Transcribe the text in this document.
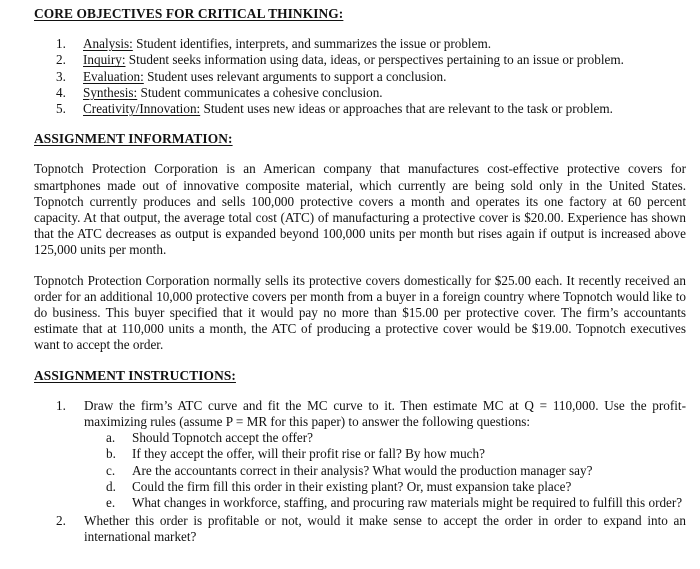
CORE OBJECTIVES FOR CRITICAL THINKING:
1.	Analysis: Student identifies, interprets, and summarizes the issue or problem.
2.	Inquiry: Student seeks information using data, ideas, or perspectives pertaining to an issue or problem.
3.	Evaluation: Student uses relevant arguments to support a conclusion.
4.	Synthesis: Student communicates a cohesive conclusion.
5.	Creativity/Innovation: Student uses new ideas or approaches that are relevant to the task or problem.
ASSIGNMENT INFORMATION:

Topnotch Protection Corporation is an American company that manufactures cost-effective protective covers for smartphones made out of innovative composite material, which currently are being sold only in the United States. Topnotch currently produces and sells 100,000 protective covers a month and operates its one factory at 60 percent capacity. At that output, the average total cost (ATC) of manufacturing a protective cover is $20.00. Experience has shown that the ATC decreases as output is expanded beyond 100,000 units per month but rises again if output is increased above 125,000 units per month.

Topnotch Protection Corporation normally sells its protective covers domestically for $25.00 each. It recently received an order for an additional 10,000 protective covers per month from a buyer in a foreign country where Topnotch would like to do business. This buyer specified that it would pay no more than $15.00 per protective cover. The firm’s accountants estimate that at 110,000 units a month, the ATC of producing a protective cover would be $19.00. Topnotch executives want to accept the order.

ASSIGNMENT INSTRUCTIONS:
1.	Draw the firm’s ATC curve and fit the MC curve to it. Then estimate MC at Q = 110,000. Use the profit-maximizing rules (assume P = MR for this paper) to answer the following questions:

a.	Should Topnotch accept the offer?
b.	If they accept the offer, will their profit rise or fall? By how much?
c.	Are the accountants correct in their analysis? What would the production manager say?
d.	Could the firm fill this order in their existing plant? Or, must expansion take place?
e.	What changes in workforce, staffing, and procuring raw materials might be required to fulfill this order?
2.	Whether this order is profitable or not, would it make sense to accept the order in order to expand into an international market?
